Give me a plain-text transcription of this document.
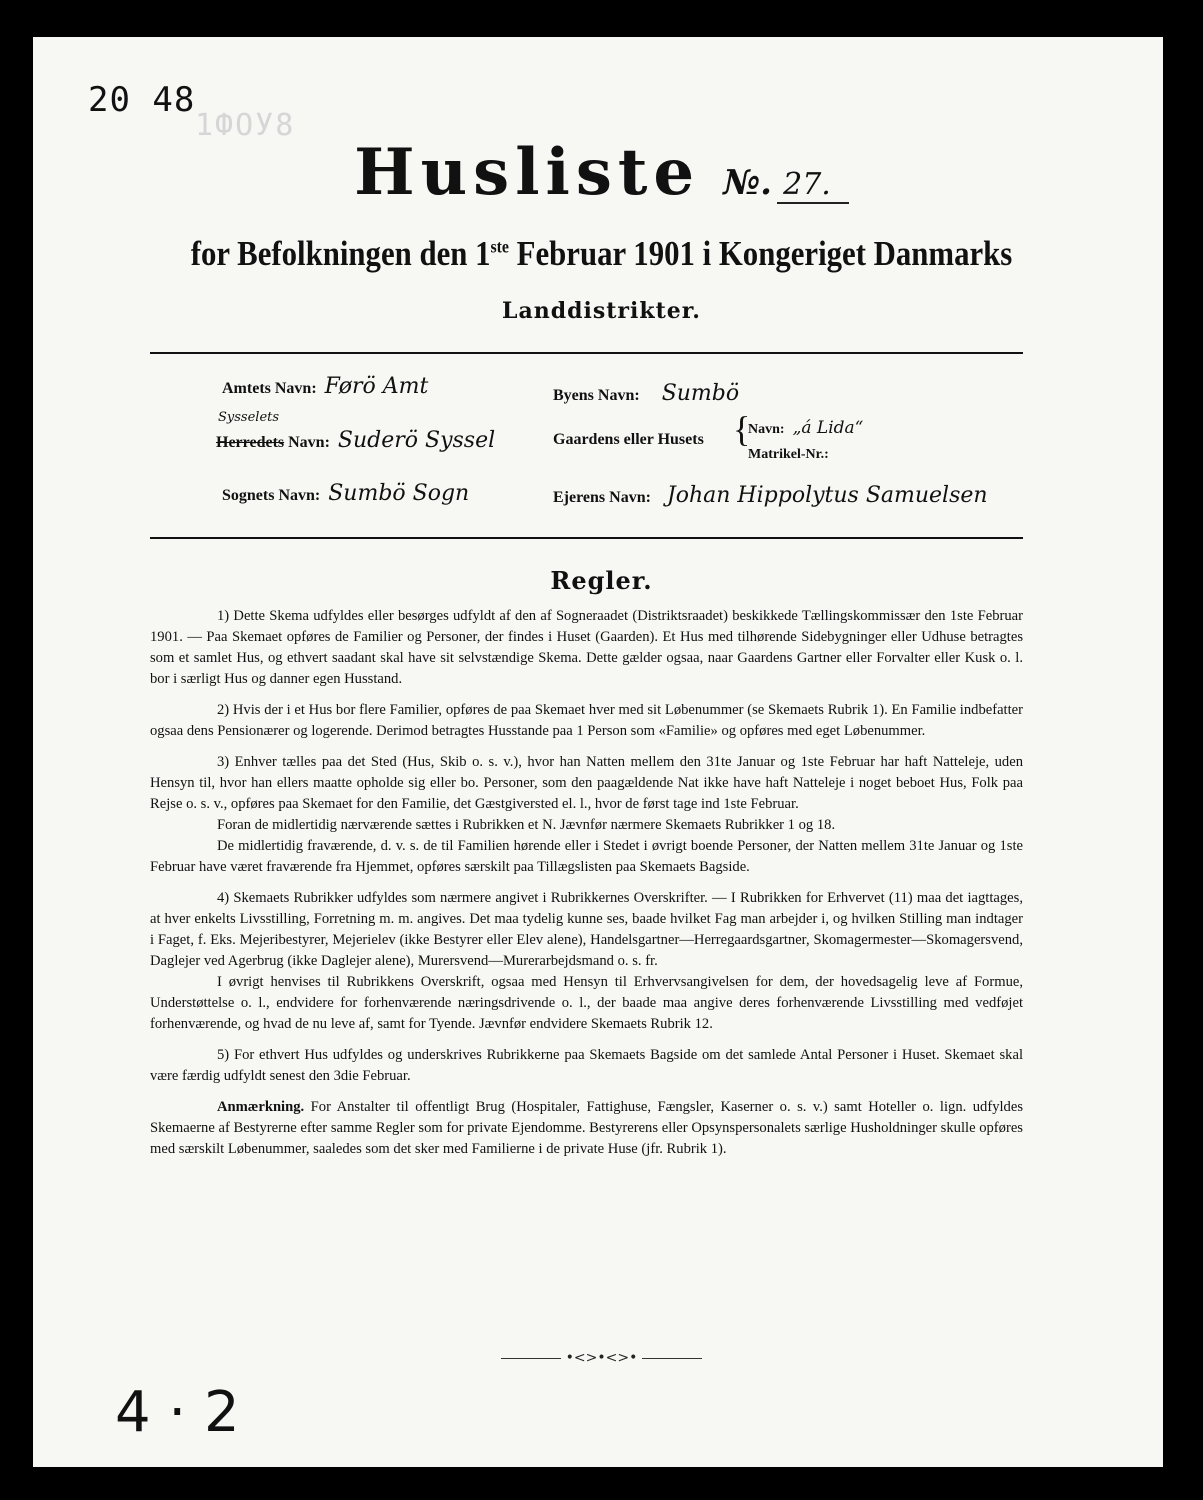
20 48
1ФОУ8
Husliste №. 27.
for Befolkningen den 1ste Februar 1901 i Kongeriget Danmarks
Landdistrikter.
Amtets Navn: Førö Amt
Sysselets
Herredets Navn: Suderö Syssel
Sognets Navn: Sumbö Sogn
Byens Navn: Sumbö
Gaardens eller Husets {
Navn: „á Lida“
Matrikel-Nr.:
Ejerens Navn: Johan Hippolytus Samuelsen
Regler.

1) Dette Skema udfyldes eller besørges udfyldt af den af Sogneraadet (Distriktsraadet) beskikkede Tællingskommissær den 1ste Februar 1901. — Paa Skemaet opføres de Familier og Personer, der findes i Huset (Gaarden). Et Hus med tilhørende Sidebygninger eller Udhuse betragtes som et samlet Hus, og ethvert saadant skal have sit selvstændige Skema. Dette gælder ogsaa, naar Gaardens Gartner eller Forvalter eller Kusk o. l. bor i særligt Hus og danner egen Husstand.

2) Hvis der i et Hus bor flere Familier, opføres de paa Skemaet hver med sit Løbenummer (se Skemaets Rubrik 1). En Familie indbefatter ogsaa dens Pensionærer og logerende. Derimod betragtes Husstande paa 1 Person som «Familie» og opføres med eget Løbenummer.

3) Enhver tælles paa det Sted (Hus, Skib o. s. v.), hvor han Natten mellem den 31te Januar og 1ste Februar har haft Natteleje, uden Hensyn til, hvor han ellers maatte opholde sig eller bo. Personer, som den paagældende Nat ikke have haft Natteleje i noget beboet Hus, Folk paa Rejse o. s. v., opføres paa Skemaet for den Familie, det Gæstgiversted el. l., hvor de først tage ind 1ste Februar.

Foran de midlertidig nærværende sættes i Rubrikken et N. Jævnfør nærmere Skemaets Rubrikker 1 og 18.

De midlertidig fraværende, d. v. s. de til Familien hørende eller i Stedet i øvrigt boende Personer, der Natten mellem 31te Januar og 1ste Februar have været fraværende fra Hjemmet, opføres særskilt paa Tillægslisten paa Skemaets Bagside.

4) Skemaets Rubrikker udfyldes som nærmere angivet i Rubrikkernes Overskrifter. — I Rubrikken for Erhvervet (11) maa det iagttages, at hver enkelts Livsstilling, Forretning m. m. angives. Det maa tydelig kunne ses, baade hvilket Fag man arbejder i, og hvilken Stilling man indtager i Faget, f. Eks. Mejeribestyrer, Mejerielev (ikke Bestyrer eller Elev alene), Handelsgartner—Herregaardsgartner, Skomagermester—Skomagersvend, Daglejer ved Agerbrug (ikke Daglejer alene), Murersvend—Murerarbejdsmand o. s. fr.

I øvrigt henvises til Rubrikkens Overskrift, ogsaa med Hensyn til Erhvervsangivelsen for dem, der hovedsagelig leve af Formue, Understøttelse o. l., endvidere for forhenværende næringsdrivende o. l., der baade maa angive deres forhenværende Livsstilling med vedføjet forhenværende, og hvad de nu leve af, samt for Tyende. Jævnfør endvidere Skemaets Rubrik 12.

5) For ethvert Hus udfyldes og underskrives Rubrikkerne paa Skemaets Bagside om det samlede Antal Personer i Huset. Skemaet skal være færdig udfyldt senest den 3die Februar.

Anmærkning. For Anstalter til offentligt Brug (Hospitaler, Fattighuse, Fængsler, Kaserner o. s. v.) samt Hoteller o. lign. udfyldes Skemaerne af Bestyrerne efter samme Regler som for private Ejendomme. Bestyrerens eller Opsynspersonalets særlige Husholdninger skulle opføres med særskilt Løbenummer, saaledes som det sker med Familierne i de private Huse (jfr. Rubrik 1).

•<>•<>•
4 · 2
